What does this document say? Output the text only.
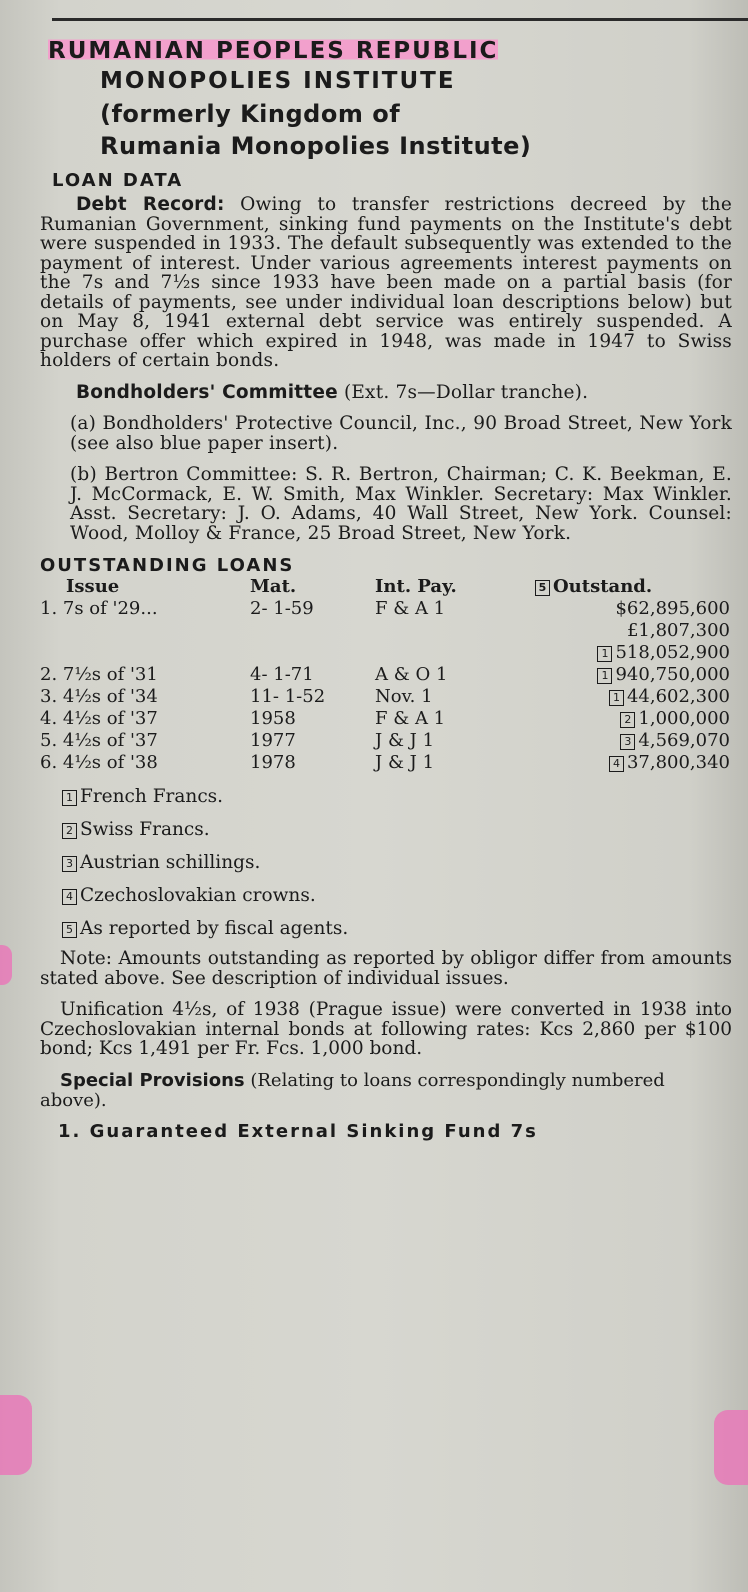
RUMANIAN PEOPLES REPUBLIC
MONOPOLIES INSTITUTE
(formerly Kingdom of
Rumania Monopolies Institute)
LOAN DATA

Debt Record: Owing to transfer restrictions decreed by the Rumanian Government, sinking fund payments on the Institute's debt were suspended in 1933. The default subsequently was extended to the payment of interest. Under various agreements interest payments on the 7s and 7½s since 1933 have been made on a partial basis (for details of payments, see under individual loan descriptions below) but on May 8, 1941 external debt service was entirely suspended. A purchase offer which expired in 1948, was made in 1947 to Swiss holders of certain bonds.

Bondholders' Committee (Ext. 7s—Dollar tranche).

(a) Bondholders' Protective Council, Inc., 90 Broad Street, New York (see also blue paper insert).

(b) Bertron Committee: S. R. Bertron, Chairman; C. K. Beekman, E. J. McCormack, E. W. Smith, Max Winkler. Secretary: Max Winkler. Asst. Secretary: J. O. Adams, 40 Wall Street, New York. Counsel: Wood, Molloy & France, 25 Broad Street, New York.

OUTSTANDING LOANS
Issue	Mat.	Int. Pay.	5 Outstand.
1. 7s of '29...	2- 1-59	F & A 1	$62,895,600
			£1,807,300
			1 518,052,900
2. 7½s of '31	4- 1-71	A & O 1	1 940,750,000
3. 4½s of '34	11- 1-52	Nov. 1	1 44,602,300
4. 4½s of '37	1958	F & A 1	2 1,000,000
5. 4½s of '37	1977	J & J 1	3 4,569,070
6. 4½s of '38	1978	J & J 1	4 37,800,340
1 French Francs.
2 Swiss Francs.
3 Austrian schillings.
4 Czechoslovakian crowns.
5 As reported by fiscal agents.

Note: Amounts outstanding as reported by obligor differ from amounts stated above. See description of individual issues.

Unification 4½s, of 1938 (Prague issue) were converted in 1938 into Czechoslovakian internal bonds at following rates: Kcs 2,860 per $100 bond; Kcs 1,491 per Fr. Fcs. 1,000 bond.

Special Provisions (Relating to loans correspondingly numbered above).

1. Guaranteed External Sinking Fund 7s
